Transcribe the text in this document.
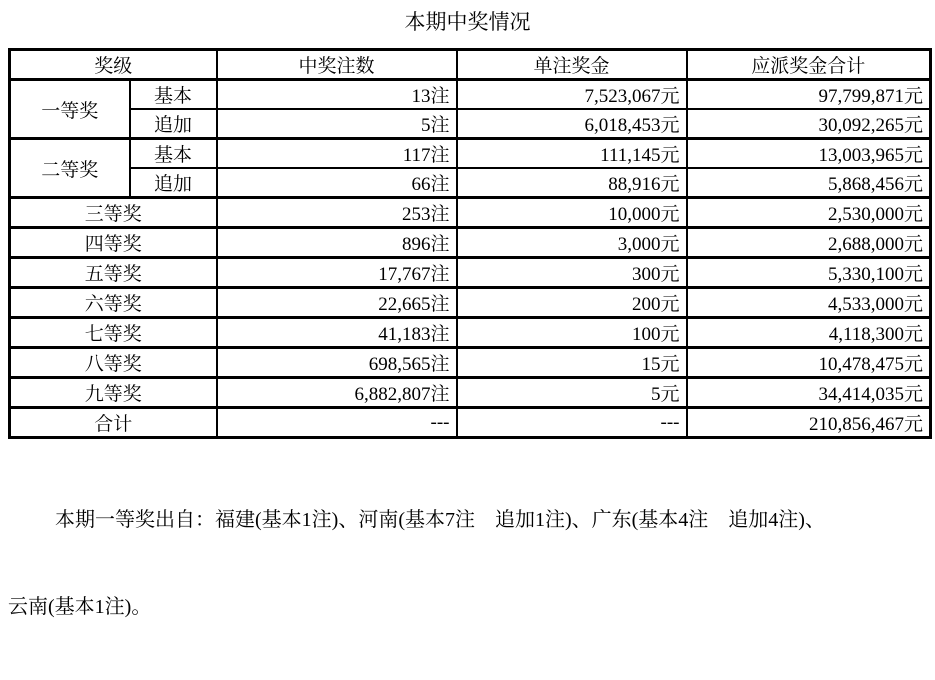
本期中奖情况
奖级		中奖注数	单注奖金	应派奖金合计
一等奖	基本	13注	7,523,067元	97,799,871元
	追加	5注	6,018,453元	30,092,265元
二等奖	基本	117注	111,145元	13,003,965元
	追加	66注	88,916元	5,868,456元
三等奖		253注	10,000元	2,530,000元
四等奖		896注	3,000元	2,688,000元
五等奖		17,767注	300元	5,330,100元
六等奖		22,665注	200元	4,533,000元
七等奖		41,183注	100元	4,118,300元
八等奖		698,565注	15元	10,478,475元
九等奖		6,882,807注	5元	34,414,035元
合计		---	---	210,856,467元

本期一等奖出自：福建(基本1注)、河南(基本7注　追加1注)、广东(基本4注　追加4注)、

云南(基本1注)。
